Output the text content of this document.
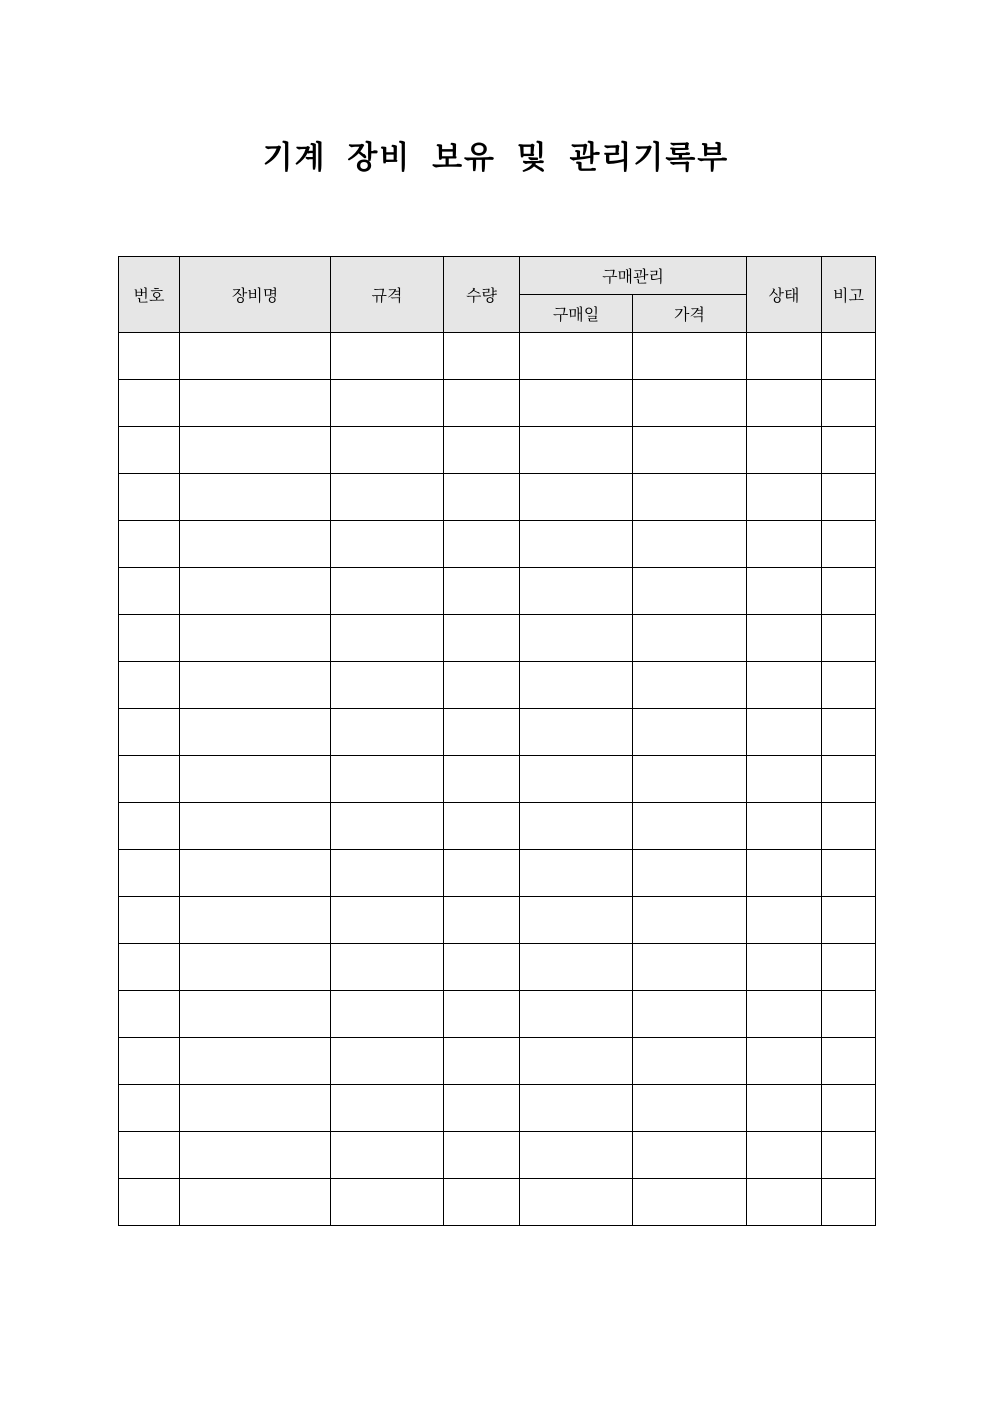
기계 장비 보유 및 관리기록부
번호	장비명	규격	수량	구매관리		상태	비고
				구매일	가격		
